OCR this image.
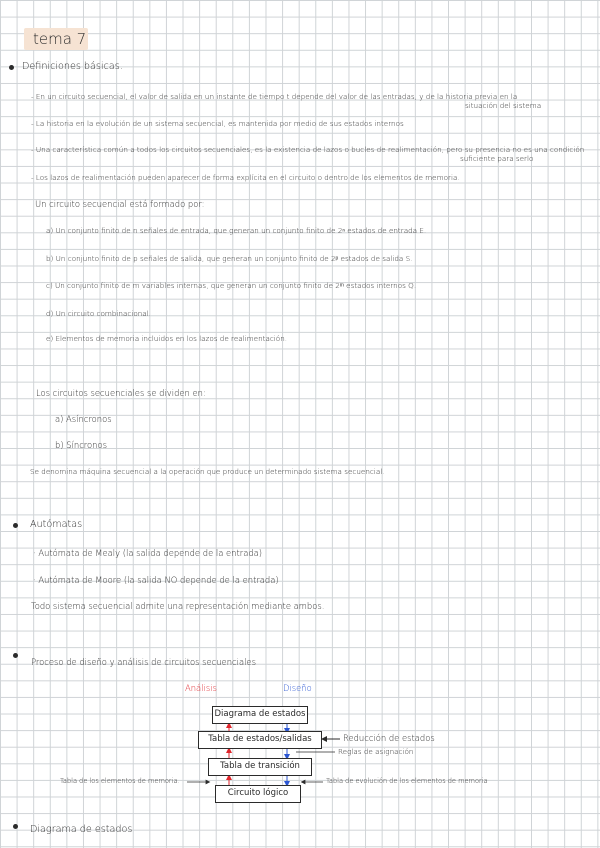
tema 7
Definiciones básicas.
- En un circuito secuencial, el valor de salida en un instante de tiempo t depende del valor de las entradas, y de la historia previa en la
situación del sistema
- La historia en la evolución de un sistema secuencial, es mantenida por medio de sus estados internos
- Una característica común a todos los circuitos secuenciales, es la existencia de lazos o bucles de realimentación, pero su presencia no es una condición
suficiente para serlo
- Los lazos de realimentación pueden aparecer de forma explícita en el circuito o dentro de los elementos de memoria.
Un circuito secuencial está formado por:
a) Un conjunto finito de n señales de entrada, que generan un conjunto finito de 2ⁿ estados de entrada E.
b) Un conjunto finito de p señales de salida, que generan un conjunto finito de 2ᵖ estados de salida S.
c) Un conjunto finito de m variables internas, que generan un conjunto finito de 2ᵐ estados internos Q.
d) Un circuito combinacional.
e) Elementos de memoria incluidos en los lazos de realimentación.
Los circuitos secuenciales se dividen en:
a) Asíncronos
b) Síncronos
Se denomina máquina secuencial a la operación que produce un determinado sistema secuencial.
Autómatas
· Autómata de Mealy (la salida depende de la entrada)
· Autómata de Moore (la salida NO depende de la entrada)
Todo sistema secuencial admite una representación mediante ambos.
Proceso de diseño y análisis de circuitos secuenciales
Análisis	Diseño
Diagrama de estados
Tabla de estados/salidas
Tabla de transición
Circuito lógico
Reducción de estados
Reglas de asignación
Tabla de los elementos de memoria.	Tabla de evolución de los elementos de memoria
Diagrama de estados
